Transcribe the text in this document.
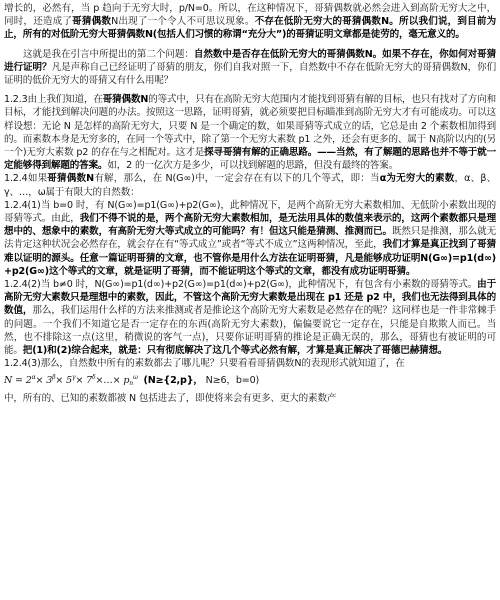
增长的，必然有，当 p 趋向于无穷大时，p/N=0。所以，在这种情况下，哥猜偶数就必然会进入到高阶无穷大之中，同时，还造成了哥猜偶数N出现了一个令人不可思议现象。不存在低阶无穷大的哥猜偶数N。所以我们说，到目前为止，所有的对低阶无穷大哥猜偶数N(包括人们习惯的称谓“充分大”)的哥猜证明文章都是徒劳的，毫无意义的。

这就是我在引言中所提出的第二个问题：自然数中是否存在低阶无穷大的哥猜偶数N。如果不存在，你如何对哥猜进行证明？凡是声称自己已经证明了哥猜的朋友，你们自我对照一下，自然数中不存在低阶无穷大的哥猜偶数N，你们证明的低价无穷大的哥猜又有什么用呢？

1.2.3由上我们知道，在哥猜偶数N的等式中，只有在高阶无穷大范围内才能找到哥猜有解的目标，也只有找对了方向和目标，才能找到解决问题的办法。按照这一思路，证明哥猜，就必须要把目标瞄准到高阶无穷大才有可能成功。可以这样设想：无论 N 是怎样的高阶无穷大，只要 N 是一个确定的数，如果哥猜等式成立的话，它总是由 2 个素数相加得到的。而素数本身是无穷多的，在同一个等式中，除了第一个无穷大素数 p1 之外，还会有更多的、属于 N高阶以内的(另一个)无穷大素数 p2 的存在与之相配对。这才是探寻哥猜有解的正确思路。——当然，有了解题的思路也并不等于就一定能够得到解题的答案。如，2 的一亿次方是多少，可以找到解题的思路，但没有最终的答案。

1.2.4如果哥猜偶数N有解，那么，在 N(G∞)中，一定会存在有以下的几个等式，即：当α为无穷大的素数，α、β、γ、…，ω属于有限大的自然数：

1.2.4(1)当 b=0 时，有 N(G∞)=p1(G∞)+p2(G∞)，此种情况下，是两个高阶无穷大素数相加、无低阶小素数出现的哥猜等式。由此，我们不得不说的是，两个高阶无穷大素数相加，是无法用具体的数值来表示的，这两个素数都只是理想中的、想象中的素数，有高阶无穷大等式成立的可能吗？有！但这只能是猜测、推测而已。既然只是推测，那么就无法肯定这种状况会必然存在，就会存在有“等式成立”或者“等式不成立”这两种情况，至此，我们才算是真正找到了哥猜难以证明的源头。任意一篇证明哥猜的文章，也不管你是用什么方法在证明哥猜，凡是能够成功证明N(G∞)=p1(d∞)+p2(G∞)这个等式的文章，就是证明了哥猜，而不能证明这个等式的文章，都没有成功证明哥猜。

1.2.4(2)当 b≠0 时，N(G∞)=p1(d∞)+p2(G∞)=p1(d∞)+p2(G∞)，此种情况下，有包含有小素数的哥猜等式。由于高阶无穷大素数只是理想中的素数，因此，不管这个高阶无穷大素数是出现在 p1 还是 p2 中，我们也无法得到具体的数值，那么，我们运用什么样的方法来推测或者是推论这个高阶无穷大素数是必然存在的呢？这同样也是一件非常棘手的问题。一个我们不知道它是否一定存在的东西(高阶无穷大素数)，偏偏要说它一定存在，只能是自欺欺人而已。当然，也不排除这一点(这里，稍微说的客气一点)，只要你证明哥猜的推论是正确无误的，那么，哥猜也有被证明的可能。把(1)和(2)综合起来，就是：只有彻底解决了这几个等式必然有解，才算是真正解决了哥德巴赫猜想。

1.2.4(3)那么，自然数中所有的素数都去了哪儿呢？只要看看哥猜偶数N的表现形式就知道了，在

$N = 2^\alpha\times 3^\beta\times 5^\gamma\times$ $7^\delta\times\dots\times p_n^\omega$ (N≥{2,p}， N≥6，b=0)

中，所有的、已知的素数都被 N 包括进去了，即使将来会有更多、更大的素数产
